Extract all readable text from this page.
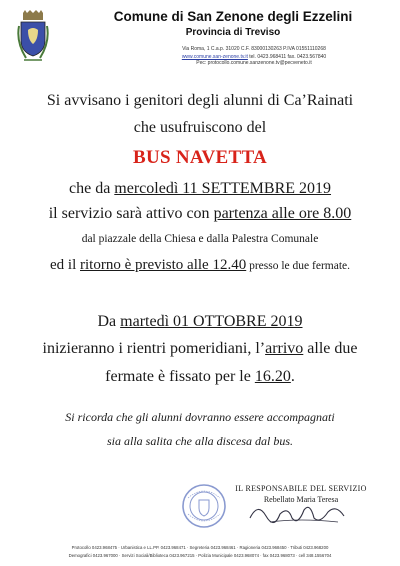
Comune di San Zenone degli Ezzelini
Provincia di Treviso
Via Roma, 1 C.a.p. 31020 C.F. 83000130263 P.IVA 01551110268
www.comune.san-zenone.tv.it tel. 0423.968411 fax. 0423.567840
Pec: protocollo.comune.sanzenone.tv@pecveneto.it
Si avvisano i genitori degli alunni di Ca’Rainati
che usufruiscono del
BUS NAVETTA
che da mercoledì 11 SETTEMBRE 2019
il servizio sarà attivo con partenza alle ore 8.00
dal piazzale della Chiesa e dalla Palestra Comunale
ed il ritorno è previsto alle 12.40 presso le due fermate.
Da martedì 01 OTTOBRE 2019
inizieranno i rientri pomeridiani, l’arrivo alle due
fermate è fissato per le 16.20.
Si ricorda che gli alunni dovranno essere accompagnati
sia alla salita che alla discesa dal bus.
IL RESPONSABILE DEL SERVIZIO
Rebellato Maria Teresa
Protocollo 0423.968475 · Urbanistica e LL.PP. 0423.968471 · Segreteria 0423.968461 · Ragioneria 0423.968450 · Tributi 0423.968200
Demografici 0423.967000 · Servizi Sociali/Biblioteca 0423.967215 · Polizia Municipale 0423.968074 · fax 0423.968073 · cell 348.1556704
